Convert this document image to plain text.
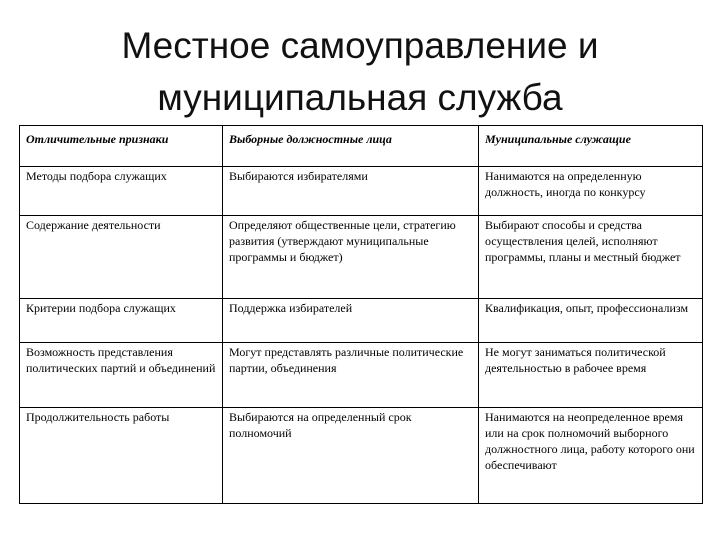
Местное самоуправление и
муниципальная служба
Отличительные признаки	Выборные должностные лица	Муниципальные служащие
Методы подбора служащих	Выбираются избирателями	Нанимаются на определенную должность, иногда по конкурсу
Содержание деятельности	Определяют общественные цели, стратегию развития (утверждают муниципальные программы и бюджет)	Выбирают способы и средства осуществления целей, исполняют программы, планы и местный бюджет
Критерии подбора служащих	Поддержка избирателей	Квалификация, опыт, профессионализм
Возможность представления политических партий и объединений	Могут представлять различные политические партии, объединения	Не могут заниматься политической деятельностью в рабочее время
Продолжительность работы	Выбираются на определенный срок полномочий	Нанимаются на неопределенное время или на срок полномочий выборного должностного лица, работу которого они обеспечивают
